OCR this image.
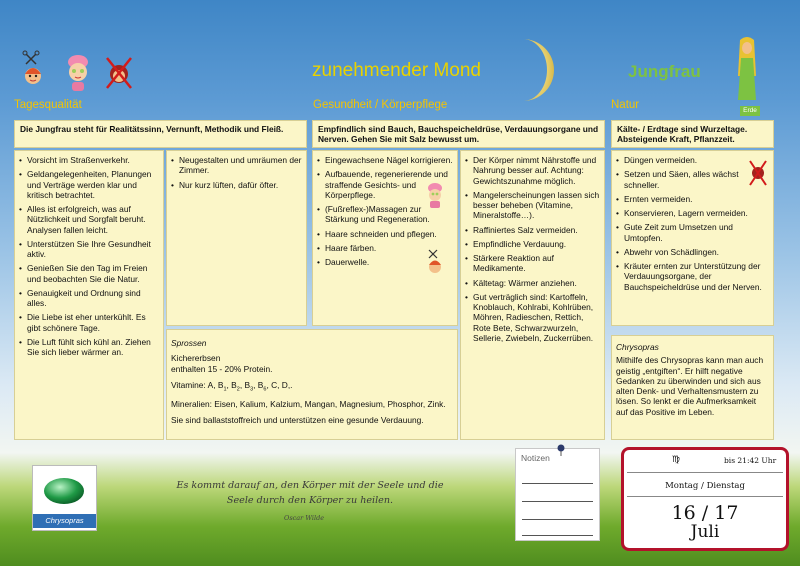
zunehmender Mond	Jungfrau
Erde
Tagesqualität	Gesundheit / Körperpflege	Natur
Die Jungfrau steht für Realitätssinn, Vernunft, Methodik und Fleiß.
• Vorsicht im Straßenverkehr.
• Geldangelegenheiten, Planungen und Verträge werden klar und kritisch betrachtet.
• Alles ist erfolgreich, was auf Nützlichkeit und Sorgfalt beruht. Analysen fallen leicht.
• Unterstützen Sie Ihre Gesundheit aktiv.
• Genießen Sie den Tag im Freien und beobachten Sie die Natur.
• Genauigkeit und Ordnung sind alles.
• Die Liebe ist eher unterkühlt. Es gibt schönere Tage.
• Die Luft fühlt sich kühl an. Ziehen Sie sich lieber wärmer an.
• Neugestalten und umräumen der Zimmer.
• Nur kurz lüften, dafür öfter.
Sprossen
Kichererbsen
enthalten 15 - 20% Protein.
Vitamine: A, $B_1$, $B_2$, $B_3$, $B_6$, C, D,.
Mineralien: Eisen, Kalium, Kalzium, Mangan, Magnesium, Phosphor, Zink.
Sie sind ballaststoffreich und unterstützen eine gesunde Verdauung.
Empfindlich sind Bauch, Bauchspeicheldrüse, Verdauungsorgane und Nerven. Gehen Sie mit Salz bewusst um.
• Eingewachsene Nägel korrigieren.
• Aufbauende, regenerierende und straffende Gesichts- und Körperpflege.
• (Fußreflex-)Massagen zur Stärkung und Regeneration.
• Haare schneiden und pflegen.
• Haare färben.
• Dauerwelle.
• Der Körper nimmt Nährstoffe und Nahrung besser auf. Achtung: Gewichtszunahme möglich.
• Mangelerscheinungen lassen sich besser beheben (Vitamine, Mineralstoffe…).
• Raffiniertes Salz vermeiden.
• Empfindliche Verdauung.
• Stärkere Reaktion auf Medikamente.
• Kältetag: Wärmer anziehen.
• Gut verträglich sind: Kartoffeln, Knoblauch, Kohlrabi, Kohlrüben, Möhren, Radieschen, Rettich, Rote Bete, Schwarzwurzeln, Sellerie, Zwiebeln, Zuckerrüben.
Kälte- / Erdtage sind Wurzeltage. Absteigende Kraft, Pflanzzeit.
• Düngen vermeiden.
• Setzen und Säen, alles wächst schneller.
• Ernten vermeiden.
• Konservieren, Lagern vermeiden.
• Gute Zeit zum Umsetzen und Umtopfen.
• Abwehr von Schädlingen.
• Kräuter ernten zur Unterstützung der Verdauungsorgane, der Bauchspeicheldrüse und der Nerven.
Chrysopras
Mithilfe des Chrysopras kann man auch geistig „entgiften“. Er hilft negative Gedanken zu überwinden und sich aus alten Denk- und Verhaltensmustern zu lösen. So lenkt er die Aufmerksamkeit auf das Positive im Leben.
Chrysopras
Es kommt darauf an, den Körper mit der Seele und die
Seele durch den Körper zu heilen.
Oscar Wilde
Notizen	♍	bis 21:42 Uhr
Montag / Dienstag
16 / 17
Juli
